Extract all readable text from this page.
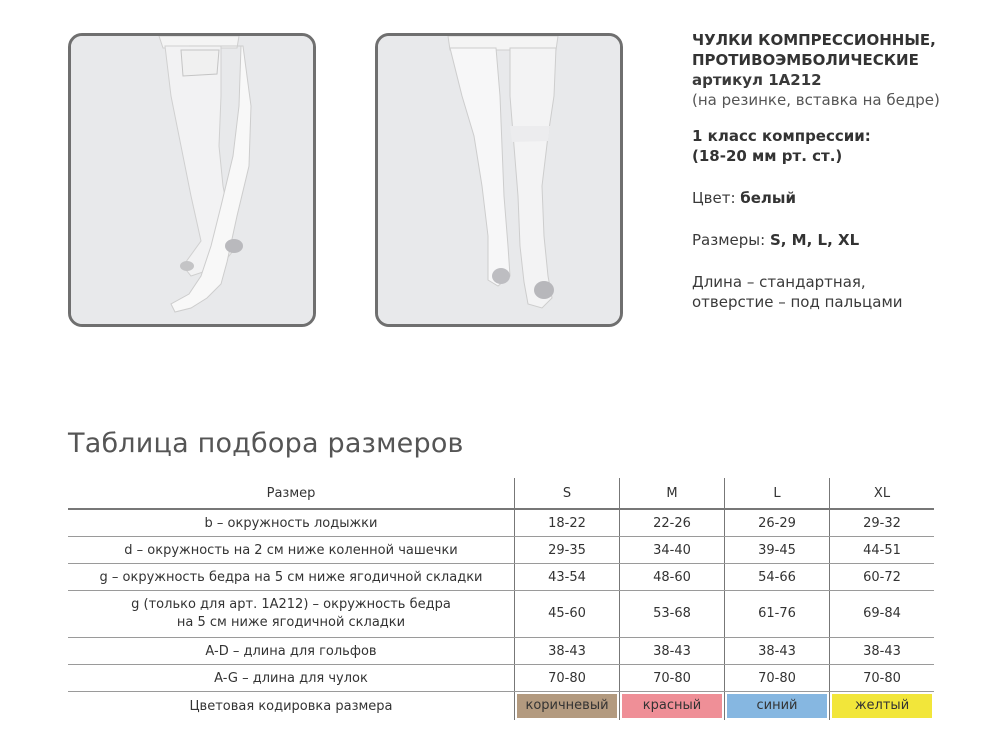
ЧУЛКИ КОМПРЕССИОННЫЕ,
ПРОТИВОЭМБОЛИЧЕСКИЕ
артикул 1А212
(на резинке, вставка на бедре)
1 класс компрессии:
(18-20 мм рт. ст.)
Цвет: белый
Размеры: S, M, L, XL
Длина – стандартная,
отверстие – под пальцами
Таблица подбора размеров
Размер	S	M	L	XL
b – окружность лодыжки	18-22	22-26	26-29	29-32
d – окружность на 2 см ниже коленной чашечки	29-35	34-40	39-45	44-51
g – окружность бедра на 5 см ниже ягодичной складки	43-54	48-60	54-66	60-72

g (только для арт. 1А212) – окружность бедра
на 5 см ниже ягодичной складки	45-60	53-68	61-76	69-84
A-D – длина для гольфов	38-43	38-43	38-43	38-43
A-G – длина для чулок	70-80	70-80	70-80	70-80
Цветовая кодировка размера	коричневый	красный	синий	желтый
